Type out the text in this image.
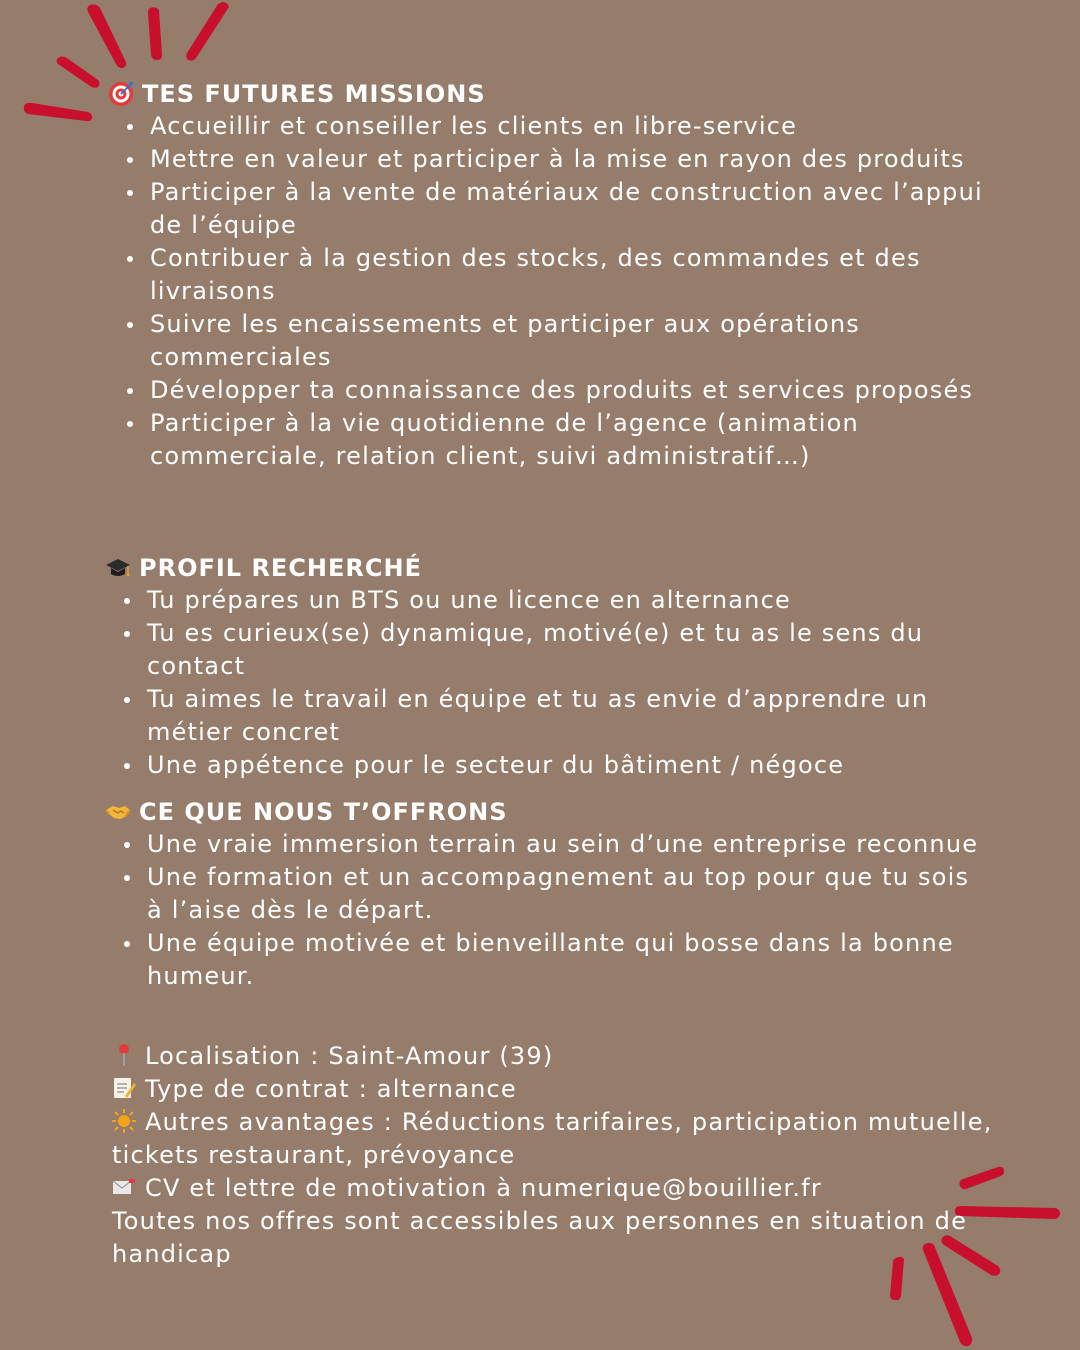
TES FUTURES MISSIONS
Accueillir et conseiller les clients en libre-service
Mettre en valeur et participer à la mise en rayon des produits
Participer à la vente de matériaux de construction avec l’appui de l’équipe
Contribuer à la gestion des stocks, des commandes et des livraisons
Suivre les encaissements et participer aux opérations commerciales
Développer ta connaissance des produits et services proposés
Participer à la vie quotidienne de l’agence (animation commerciale, relation client, suivi administratif…)
PROFIL RECHERCHÉ
Tu prépares un BTS ou une licence en alternance
Tu es curieux(se) dynamique, motivé(e) et tu as le sens du contact
Tu aimes le travail en équipe et tu as envie d’apprendre un métier concret
Une appétence pour le secteur du bâtiment / négoce
CE QUE NOUS T’OFFRONS
Une vraie immersion terrain au sein d’une entreprise reconnue
Une formation et un accompagnement au top pour que tu sois à l’aise dès le départ.
Une équipe motivée et bienveillante qui bosse dans la bonne humeur.
Localisation : Saint-Amour (39)
Type de contrat : alternance
Autres avantages : Réductions tarifaires, participation mutuelle, tickets restaurant, prévoyance
CV et lettre de motivation à numerique@bouillier.fr
Toutes nos offres sont accessibles aux personnes en situation de handicap
